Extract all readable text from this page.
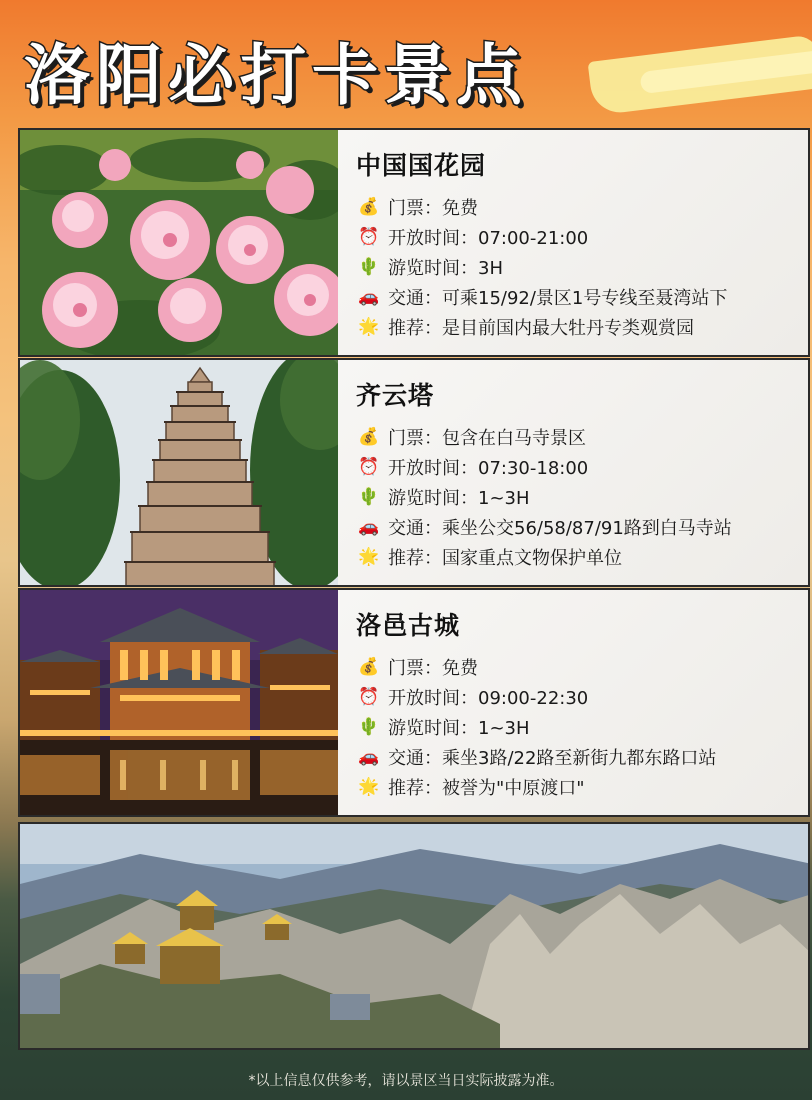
洛阳必打卡景点
中国国花园
💰 门票：免费
⏰ 开放时间：07:00-21:00
🌵 游览时间：3H
🚗 交通：可乘15/92/景区1号专线至聂湾站下
🌟 推荐：是目前国内最大牡丹专类观赏园
齐云塔
💰 门票：包含在白马寺景区
⏰ 开放时间：07:30-18:00
🌵 游览时间：1~3H
🚗 交通：乘坐公交56/58/87/91路到白马寺站
🌟 推荐：国家重点文物保护单位
洛邑古城
💰 门票：免费
⏰ 开放时间：09:00-22:30
🌵 游览时间：1~3H
🚗 交通：乘坐3路/22路至新街九都东路口站
🌟 推荐：被誉为"中原渡口"
*以上信息仅供参考，请以景区当日实际披露为准。
